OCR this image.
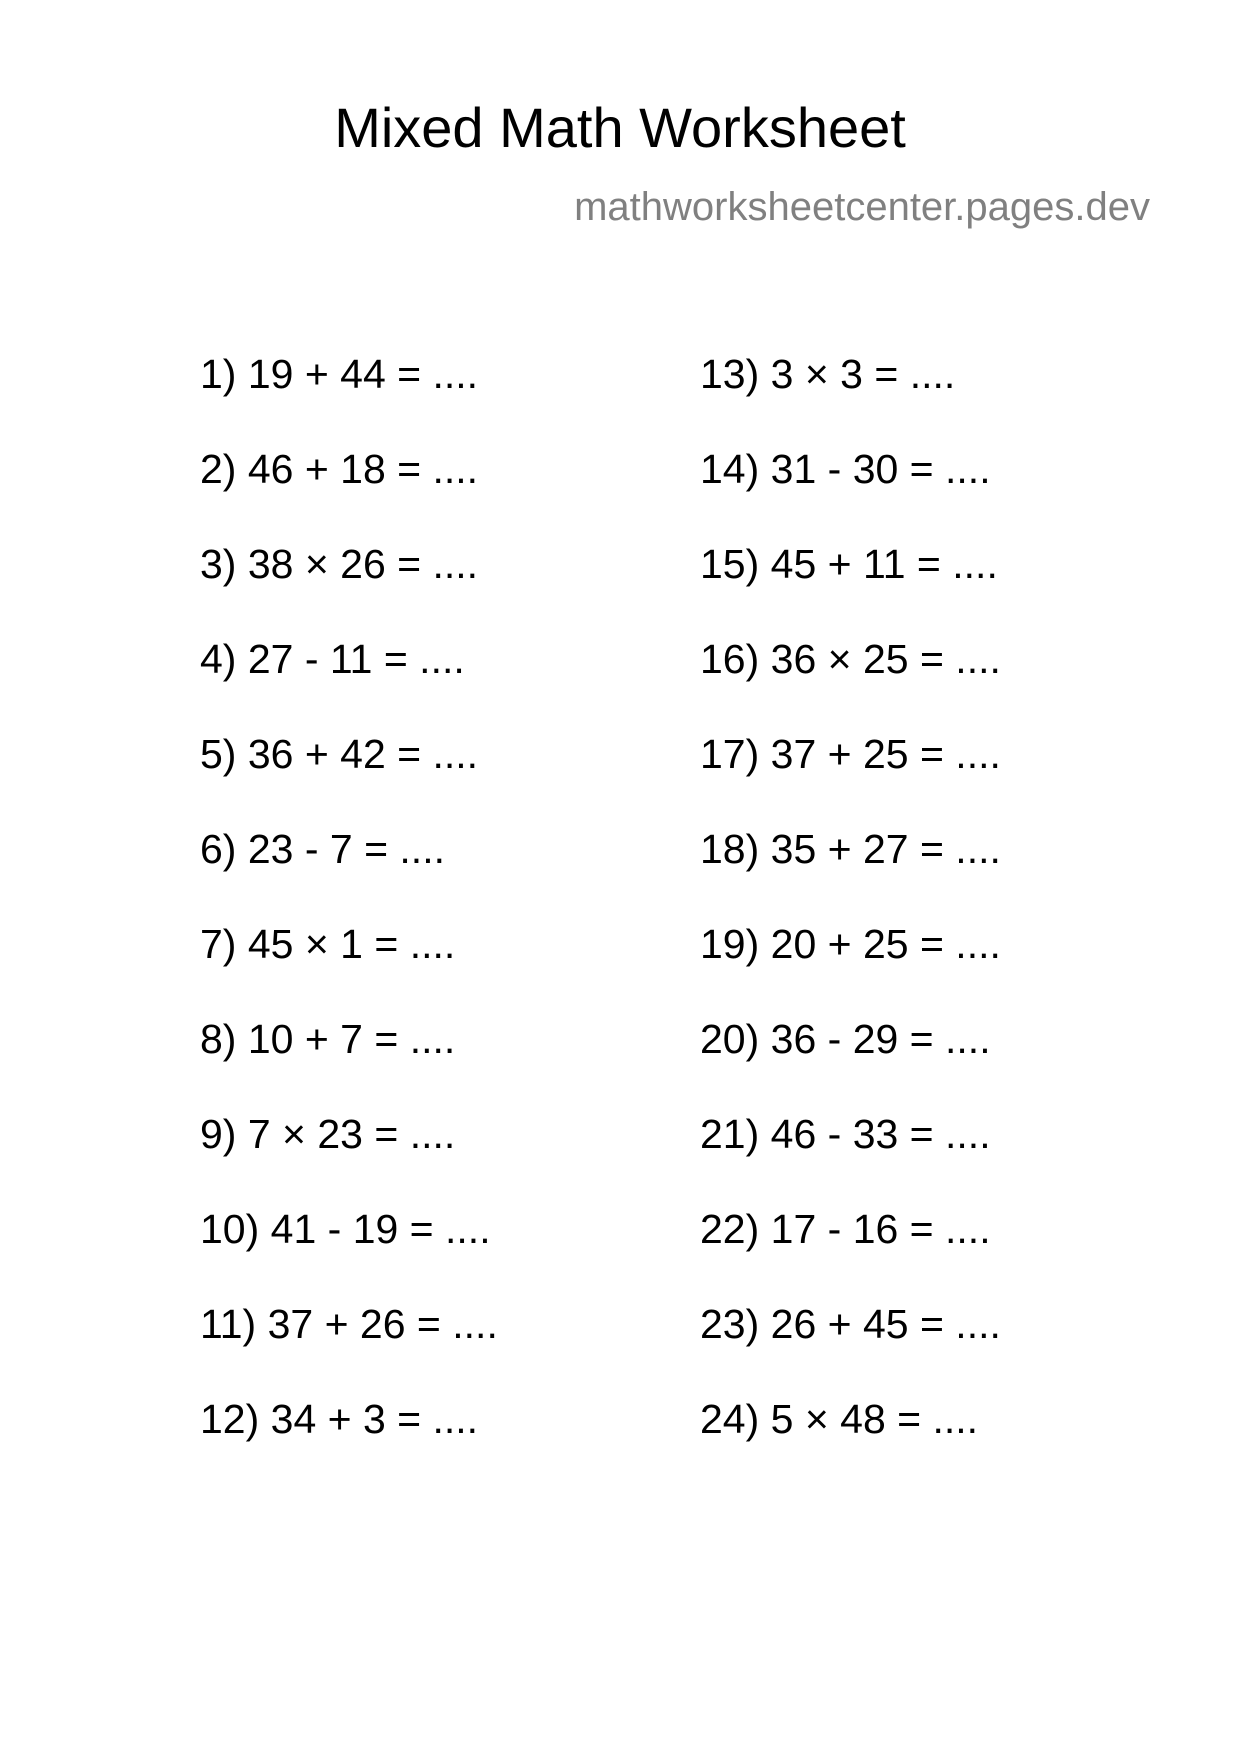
Mixed Math Worksheet
mathworksheetcenter.pages.dev
1) 19 + 44 = ....
2) 46 + 18 = ....
3) 38 × 26 = ....
4) 27 - 11 = ....
5) 36 + 42 = ....
6) 23 - 7 = ....
7) 45 × 1 = ....
8) 10 + 7 = ....
9) 7 × 23 = ....
10) 41 - 19 = ....
11) 37 + 26 = ....
12) 34 + 3 = ....
13) 3 × 3 = ....
14) 31 - 30 = ....
15) 45 + 11 = ....
16) 36 × 25 = ....
17) 37 + 25 = ....
18) 35 + 27 = ....
19) 20 + 25 = ....
20) 36 - 29 = ....
21) 46 - 33 = ....
22) 17 - 16 = ....
23) 26 + 45 = ....
24) 5 × 48 = ....
